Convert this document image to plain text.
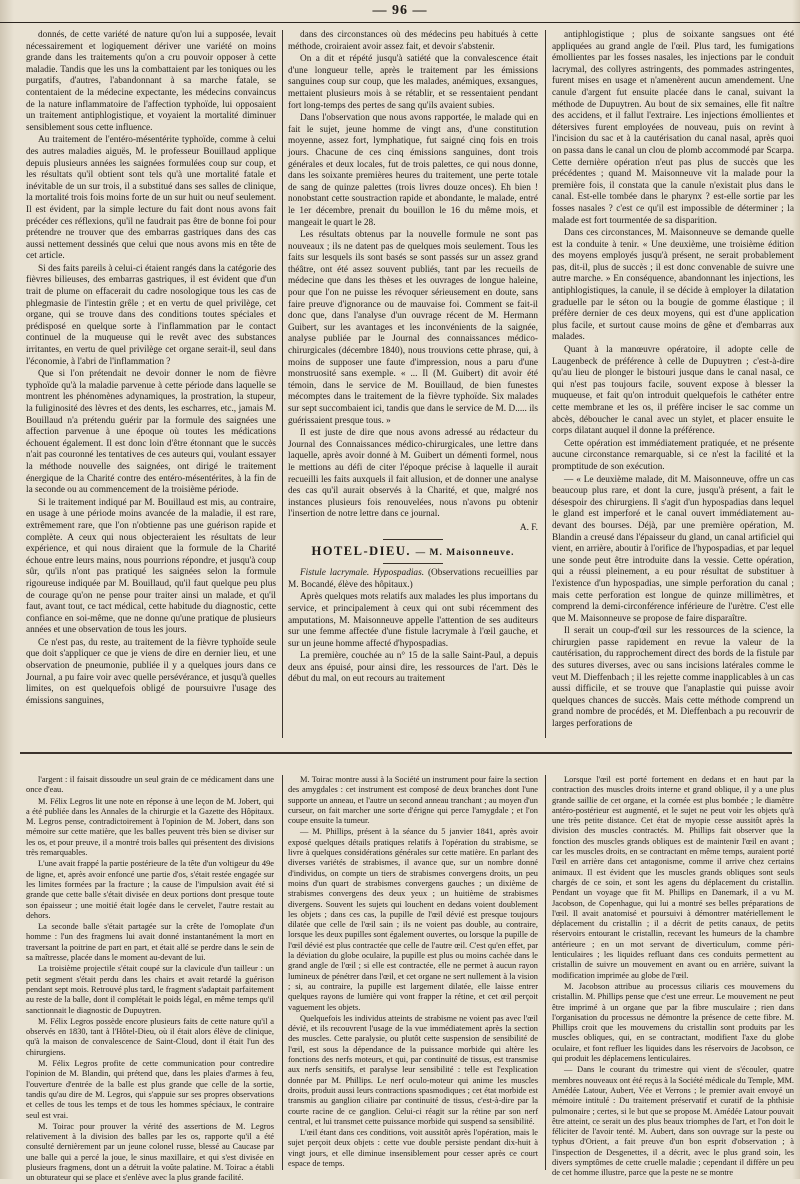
— 96 —

donnés, de cette variété de nature qu'on lui a supposée, levait nécessairement et logiquement dériver une variété on moins grande dans les traitements qu'on a cru pouvoir opposer à cette maladie. Tandis que les uns la combattaient par les toniques ou les purgatifs, d'autres, l'abandonnant à sa marche fatale, se contentaient de la médecine expectante, les médecins convaincus de la nature inflammatoire de l'affection typhoïde, lui opposaient un traitement antiphlogistique, et voyaient la mortalité diminuer sensiblement sous cette influence.

Au traitement de l'entéro-mésentérite typhoïde, comme à celui des autres maladies aiguës, M. le professeur Bouillaud applique depuis plusieurs années les saignées formulées coup sur coup, et les résultats qu'il obtient sont tels qu'à une mortalité fatale et inévitable de un sur trois, il a substitué dans ses salles de clinique, la mortalité trois fois moins forte de un sur huit ou neuf seulement. Il est évident, par la simple lecture du fait dont nous avons fait précéder ces réflexions, qu'il ne faudrait pas être de bonne foi pour prétendre ne trouver que des embarras gastriques dans des cas aussi nettement dessinés que celui que nous avons mis en tête de cet article.

Si des faits pareils à celui-ci étaient rangés dans la catégorie des fièvres bilieuses, des embarras gastriques, il est évident que d'un trait de plume on effacerait du cadre nosologique tous les cas de phlegmasie de l'intestin grêle ; et en vertu de quel privilège, cet organe, qui se trouve dans des conditions toutes spéciales et prédisposé en quelque sorte à l'inflammation par le contact continuel de la muqueuse qui le revêt avec des substances irritantes, en vertu de quel privilège cet organe serait-il, seul dans l'économie, à l'abri de l'inflammation ?

Que si l'on prétendait ne devoir donner le nom de fièvre typhoïde qu'à la maladie parvenue à cette période dans laquelle se montrent les phénomènes adynamiques, la prostration, la stupeur, la fuliginosité des lèvres et des dents, les escharres, etc., jamais M. Bouillaud n'a prétendu guérir par la formule des saignées une affection parvenue à une époque où toutes les médications échouent également. Il est donc loin d'être étonnant que le succès n'ait pas couronné les tentatives de ces auteurs qui, voulant essayer la méthode nouvelle des saignées, ont dirigé le traitement énergique de la Charité contre des entéro-mésentérites, à la fin de la seconde ou au commencement de la troisième période.

Si le traitement indiqué par M. Bouillaud est mis, au contraire, en usage à une période moins avancée de la maladie, il est rare, extrêmement rare, que l'on n'obtienne pas une guérison rapide et complète. A ceux qui nous objecteraient les résultats de leur expérience, et qui nous diraient que la formule de la Charité échoue entre leurs mains, nous pourrions répondre, et jusqu'à coup sûr, qu'ils n'ont pas pratiqué les saignées selon la formule rigoureuse indiquée par M. Bouillaud, qu'il faut quelque peu plus de courage qu'on ne pense pour traiter ainsi un malade, et qu'il faut, avant tout, ce tact médical, cette habitude du diagnostic, cette confiance en soi-même, que ne donne qu'une pratique de plusieurs années et une observation de tous les jours.

Ce n'est pas, du reste, au traitement de la fièvre typhoïde seule que doit s'appliquer ce que je viens de dire en dernier lieu, et une observation de pneumonie, publiée il y a quelques jours dans ce Journal, a pu faire voir avec quelle persévérance, et jusqu'à quelles limites, on est quelquefois obligé de poursuivre l'usage des émissions sanguines,

dans des circonstances où des médecins peu habitués à cette méthode, croiraient avoir assez fait, et devoir s'abstenir.

On a dit et répété jusqu'à satiété que la convalescence était d'une longueur telle, après le traitement par les émissions sanguines coup sur coup, que les malades, anémiques, exsangues, mettaient plusieurs mois à se rétablir, et se ressentaient pendant fort long-temps des pertes de sang qu'ils avaient subies.

Dans l'observation que nous avons rapportée, le malade qui en fait le sujet, jeune homme de vingt ans, d'une constitution moyenne, assez fort, lymphatique, fut saigné cinq fois en trois jours. Chacune de ces cinq émissions sanguines, dont trois générales et deux locales, fut de trois palettes, ce qui nous donne, dans les soixante premières heures du traitement, une perte totale de sang de quinze palettes (trois livres douze onces). Eh bien ! nonobstant cette soustraction rapide et abondante, le malade, entré le 1er décembre, prenait du bouillon le 16 du même mois, et mangeait le quart le 28.

Les résultats obtenus par la nouvelle formule ne sont pas nouveaux ; ils ne datent pas de quelques mois seulement. Tous les faits sur lesquels ils sont basés se sont passés sur un assez grand théâtre, ont été assez souvent publiés, tant par les recueils de médecine que dans les thèses et les ouvrages de longue haleine, pour que l'on ne puisse les révoquer sérieusement en doute, sans faire preuve d'ignorance ou de mauvaise foi. Comment se fait-il donc que, dans l'analyse d'un ouvrage récent de M. Hermann Guibert, sur les avantages et les inconvénients de la saignée, analyse publiée par le Journal des connaissances médico-chirurgicales (décembre 1840), nous trouvions cette phrase, qui, à moins de supposer une faute d'impression, nous a paru d'une monstruosité sans exemple. « ... Il (M. Guibert) dit avoir été témoin, dans le service de M. Bouillaud, de bien funestes mécomptes dans le traitement de la fièvre typhoïde. Six malades sur sept succombaient ici, tandis que dans le service de M. D..... ils guérissaient presque tous. »

Il est juste de dire que nous avons adressé au rédacteur du Journal des Connaissances médico-chirurgicales, une lettre dans laquelle, après avoir donné à M. Guibert un démenti formel, nous le mettions au défi de citer l'époque précise à laquelle il aurait recueilli les faits auxquels il fait allusion, et de donner une analyse des cas qu'il aurait observés à la Charité, et que, malgré nos instances plusieurs fois renouvelées, nous n'avons pu obtenir l'insertion de notre lettre dans ce journal.

A. F.
HOTEL-DIEU. — M. Maisonneuve.

Fistule lacrymale. Hypospadias. (Observations recueillies par M. Bocandé, élève des hôpitaux.)

Après quelques mots relatifs aux malades les plus importans du service, et principalement à ceux qui ont subi récemment des amputations, M. Maisonneuve appelle l'attention de ses auditeurs sur une femme affectée d'une fistule lacrymale à l'œil gauche, et sur un jeune homme affecté d'hypospadias.

La première, couchée au n° 15 de la salle Saint-Paul, a depuis deux ans épuisé, pour ainsi dire, les ressources de l'art. Dès le début du mal, on eut recours au traitement

antiphlogistique ; plus de soixante sangsues ont été appliquées au grand angle de l'œil. Plus tard, les fumigations émollientes par les fosses nasales, les injections par le conduit lacrymal, des collyres astringents, des pommades astringentes, furent mises en usage et n'amenèrent aucun amendement. Une canule d'argent fut ensuite placée dans le canal, suivant la méthode de Dupuytren. Au bout de six semaines, elle fit naître des accidens, et il fallut l'extraire. Les injections émollientes et détersives furent employées de nouveau, puis on revint à l'incision du sac et à la cautérisation du canal nasal, après quoi on passa dans le canal un clou de plomb accommodé par Scarpa. Cette dernière opération n'eut pas plus de succès que les précédentes ; quand M. Maisonneuve vit la malade pour la première fois, il constata que la canule n'existait plus dans le canal. Est-elle tombée dans le pharynx ? est-elle sortie par les fosses nasales ? c'est ce qu'il est impossible de déterminer ; la malade est fort tourmentée de sa disparition.

Dans ces circonstances, M. Maisonneuve se demande quelle est la conduite à tenir. « Une deuxième, une troisième édition des moyens employés jusqu'à présent, ne serait probablement pas, dit-il, plus de succès ; il est donc convenable de suivre une autre marche. » En conséquence, abandonnant les injections, les antiphlogistiques, la canule, il se décide à employer la dilatation graduelle par le séton ou la bougie de gomme élastique ; il préfère dernier de ces deux moyens, qui est d'une application plus facile, et surtout cause moins de gêne et d'embarras aux malades.

Quant à la manœuvre opératoire, il adopte celle de Laugenbeck de préférence à celle de Dupuytren ; c'est-à-dire qu'au lieu de plonger le bistouri jusque dans le canal nasal, ce qui n'est pas toujours facile, souvent expose à blesser la muqueuse, et fait qu'on introduit quelquefois le cathéter entre cette membrane et les os, il préfère inciser le sac comme un abcès, déboucher le canal avec un stylet, et placer ensuite le corps dilatant auquel il donne la préférence.

Cette opération est immédiatement pratiquée, et ne présente aucune circonstance remarquable, si ce n'est la facilité et la promptitude de son exécution.

— « Le deuxième malade, dit M. Maisonneuve, offre un cas beaucoup plus rare, et dont la cure, jusqu'à présent, a fait le désespoir des chirurgiens. Il s'agit d'un hypospadias dans lequel le gland est imperforé et le canal ouvert immédiatement au-devant des bourses. Déjà, par une première opération, M. Blandin a creusé dans l'épaisseur du gland, un canal artificiel qui vient, en arrière, aboutir à l'orifice de l'hypospadias, et par lequel une sonde peut être introduite dans la vessie. Cette opération, qui a réussi pleinement, a eu pour résultat de substituer à l'existence d'un hypospadias, une simple perforation du canal ; mais cette perforation est longue de quinze millimètres, et comprend la demi-circonférence inférieure de l'urètre. C'est elle que M. Maisonneuve se propose de faire disparaître.

Il serait un coup-d'œil sur les ressources de la science, la chirurgien passe rapidement en revue la valeur de la cautérisation, du rapprochement direct des bords de la fistule par des sutures diverses, avec ou sans incisions latérales comme le veut M. Dieffenbach ; il les rejette comme inapplicables à un cas aussi difficile, et se trouve que l'anaplastie qui puisse avoir quelques chances de succès. Mais cette méthode comprend un grand nombre de procédés, et M. Dieffenbach a pu recouvrir de larges perforations de

l'argent : il faisait dissoudre un seul grain de ce médicament dans une once d'eau.

M. Félix Legros lit une note en réponse à une leçon de M. Jobert, qui a été publiée dans les Annales de la chirurgie et la Gazette des Hôpitaux. M. Legros pense, contradictoirement à l'opinion de M. Jobert, dans son mémoire sur cette matière, que les balles peuvent très bien se diviser sur les os, et pour preuve, il a montré trois balles qui présentent des divisions très remarquables.

L'une avait frappé la partie postérieure de la tête d'un voltigeur du 49e de ligne, et, après avoir enfoncé une partie d'os, s'était restée engagée sur les limites formées par la fracture ; la cause de l'impulsion avait été si grande que cette balle s'était divisée en deux portions dont presque toute son épaisseur ; une moitié était logée dans le cervelet, l'autre restait au dehors.

La seconde balle s'était partagée sur la crête de l'omoplate d'un homme : l'un des fragmens lui avait donné instantanément la mort en traversant la poitrine de part en part, et était allé se perdre dans le sein de sa maîtresse, placée dans le moment au-devant de lui.

La troisième projectile s'était coupé sur la clavicule d'un tailleur : un petit segment s'était perdu dans les chairs et avait retardé la guérison pendant sept mois. Retrouvé plus tard, le fragment s'adaptait parfaitement au reste de la balle, dont il complétait le poids légal, en même temps qu'il sanctionnait le diagnostic de Dupuytren.

M. Félix Legros possède encore plusieurs faits de cette nature qu'il a observés en 1830, tant à l'Hôtel-Dieu, où il était alors élève de clinique, qu'à la maison de convalescence de Saint-Cloud, dont il était l'un des chirurgiens.

M. Félix Legros profite de cette communication pour contredire l'opinion de M. Blandin, qui prétend que, dans les plaies d'armes à feu, l'ouverture d'entrée de la balle est plus grande que celle de la sortie, tandis qu'au dire de M. Legros, qui s'appuie sur ses propres observations et celles de tous les temps et de tous les hommes spéciaux, le contraire seul est vrai.

M. Toirac pour prouver la vérité des assertions de M. Legros relativement à la division des balles par les os, rapporte qu'il a été consulté dernièrement par un jeune colonel russe, blessé au Caucase par une balle qui a percé la joue, le sinus maxillaire, et qui s'est divisée en plusieurs fragmens, dont un a détruit la voûte palatine. M. Toirac a établi un obturateur qui se place et s'enlève avec la plus grande facilité.

M. Toirac montre aussi à la Société un instrument pour faire la section des amygdales : cet instrument est composé de deux branches dont l'une supporte un anneau, et l'autre un second anneau tranchant ; au moyen d'un curseur, on fait marcher une sorte d'érigne qui perce l'amygdale ; et l'on coupe ensuite la tumeur.

— M. Phillips, présent à la séance du 5 janvier 1841, après avoir exposé quelques détails pratiques relatifs à l'opération du strabisme, se livre à quelques considérations générales sur cette matière. En parlant des diverses variétés de strabismes, il avance que, sur un nombre donné d'individus, on compte un tiers de strabismes convergens droits, un peu moins d'un quart de strabismes convergens gauches ; un dixième de strabismes convergens des deux yeux ; un huitième de strabismes divergens. Souvent les sujets qui louchent en dedans voient doublement les objets ; dans ces cas, la pupille de l'œil dévié est presque toujours dilatée que celle de l'œil sain ; ils ne voient pas double, au contraire, lorsque les deux pupilles sont également ouvertes, ou lorsque la pupille de l'œil dévié est plus contractée que celle de l'autre œil. C'est qu'en effet, par la déviation du globe oculaire, la pupille est plus ou moins cachée dans le grand angle de l'œil ; si elle est contractée, elle ne permet à aucun rayon lumineux de pénétrer dans l'œil, et cet organe ne sert nullement à la vision ; si, au contraire, la pupille est largement dilatée, elle laisse entrer quelques rayons de lumière qui vont frapper la rétine, et cet œil perçoit vaguement les objets.

Quelquefois les individus atteints de strabisme ne voient pas avec l'œil dévié, et ils recouvrent l'usage de la vue immédiatement après la section des muscles. Cette paralysie, ou plutôt cette suspension de sensibilité de l'œil, est sous la dépendance de la puissance morbide qui altère les fonctions des nerfs moteurs, et qui, par continuité de tissus, est transmise aux nerfs sensitifs, et paralyse leur sensibilité : telle est l'explication donnée par M. Phillips. Le nerf oculo-moteur qui anime les muscles droits, produit aussi leurs contractions spasmodiques ; cet état morbide est transmis au ganglion ciliaire par continuité de tissus, c'est-à-dire par la courte racine de ce ganglion. Celui-ci réagit sur la rétine par son nerf central, et lui transmet cette puissance morbide qui suspend sa sensibilité.

L'œil étant dans ces conditions, voit aussitôt après l'opération, mais le sujet perçoit deux objets : cette vue double persiste pendant dix-huit à vingt jours, et elle diminue insensiblement pour cesser après ce court espace de temps.

Lorsque l'œil est porté fortement en dedans et en haut par la contraction des muscles droits interne et grand oblique, il y a une plus grande saillie de cet organe, et la cornée est plus bombée ; le diamètre antéro-postérieur est augmenté, et le sujet ne peut voir les objets qu'à une très petite distance. Cet état de myopie cesse aussitôt après la division des muscles contractés. M. Phillips fait observer que la fonction des muscles grands obliques est de maintenir l'œil en avant ; car les muscles droits, en se contractant en même temps, auraient porté l'œil en arrière dans cet antagonisme, comme il arrive chez certains animaux. Il est évident que les muscles grands obliques sont seuls chargés de ce soin, et sont les agens du déplacement du cristallin. Pendant un voyage que fit M. Phillips en Danemark, il a vu M. Jacobson, de Copenhague, qui lui a montré ses belles préparations de l'œil. Il avait anatomisé et poursuivi à démontrer matériellement le déplacement du cristallin ; il a décrit de petits canaux, de petits réservoirs entourant le cristallin, recevant les humeurs de la chambre antérieure ; en un mot servant de diverticulum, comme péri-lenticulaires ; les liquides refluant dans ces conduits permettent au cristallin de suivre un mouvement en avant ou en arrière, suivant la modification imprimée au globe de l'œil.

M. Jacobson attribue au processus ciliaris ces mouvemens du cristallin. M. Phillips pense que c'est une erreur. Le mouvement ne peut être imprimé à un organe que par la fibre musculaire ; rien dans l'organisation du processus ne démontre la présence de cette fibre. M. Phillips croit que les mouvemens du cristallin sont produits par les muscles obliques, qui, en se contractant, modifient l'axe du globe oculaire, et font refluer les liquides dans les réservoirs de Jacobson, ce qui produit les déplacemens lenticulaires.

— Dans le courant du trimestre qui vient de s'écouler, quatre membres nouveaux ont été reçus à la Société médicale du Temple, MM. Amédée Latour, Aubert, Vée et Verrons ; le premier avait envoyé un mémoire intitulé : Du traitement préservatif et curatif de la phthisie pulmonaire ; certes, si le but que se propose M. Amédée Latour pouvait être atteint, ce serait un des plus beaux triomphes de l'art, et l'on doit le féliciter de l'avoir tenté. M. Aubert, dans son ouvrage sur la peste ou typhus d'Orient, a fait preuve d'un bon esprit d'observation ; à l'inspection de Desgenettes, il a décrit, avec le plus grand soin, les divers symptômes de cette cruelle maladie ; cependant il diffère un peu de cet homme illustre, parce que la peste ne se montre
